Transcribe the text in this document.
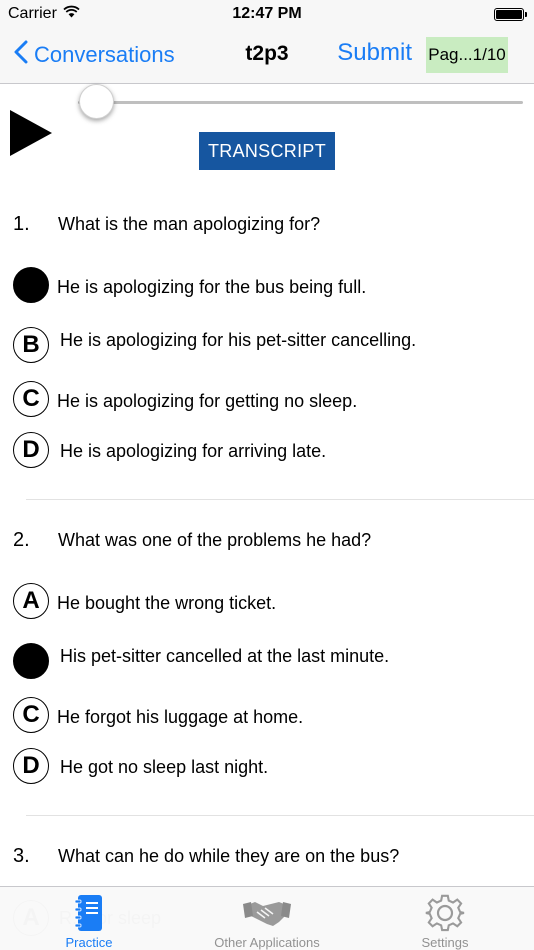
Carrier	12:47 PM
Conversations	t2p3	Submit Pag...1/10
TRANSCRIPT
1. What is the man apologizing for?
He is apologizing for the bus being full.
B He is apologizing for his pet-sitter cancelling.
C He is apologizing for getting no sleep.
D He is apologizing for arriving late.
2. What was one of the problems he had?
A He bought the wrong ticket.
His pet-sitter cancelled at the last minute.
C He forgot his luggage at home.
D He got no sleep last night.
3. What can he do while they are on the bus?
Practice	Other Applications	Settings
